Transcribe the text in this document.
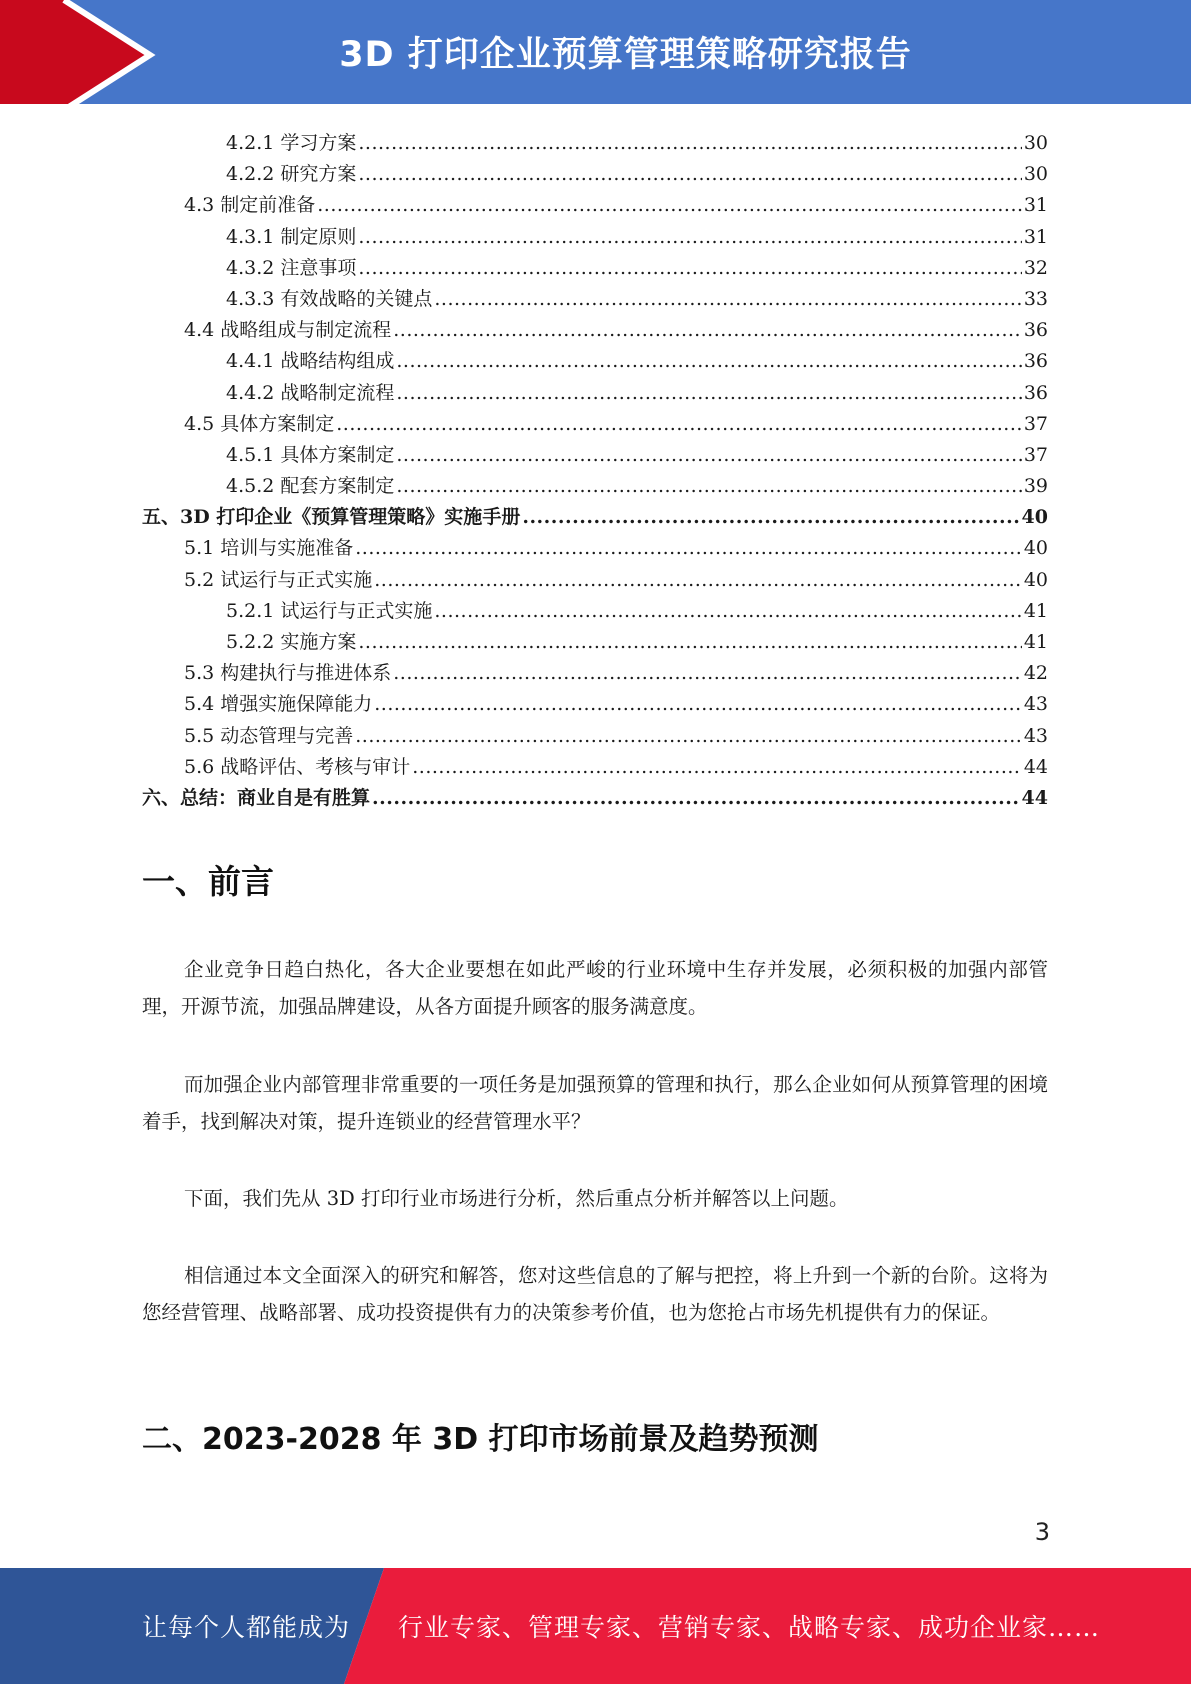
3D 打印企业预算管理策略研究报告
4.2.1 学习方案 .....	30
4.2.2 研究方案 .....	30
4.3 制定前准备 .....	31
4.3.1 制定原则 .....	31
4.3.2 注意事项 .....	32
4.3.3 有效战略的关键点 .....	33
4.4 战略组成与制定流程 .....	36
4.4.1 战略结构组成 .....	36
4.4.2 战略制定流程 .....	36
4.5 具体方案制定 .....	37
4.5.1 具体方案制定 .....	37
4.5.2 配套方案制定 .....	39
五、3D 打印企业《预算管理策略》实施手册 .....	40
5.1 培训与实施准备 .....	40
5.2 试运行与正式实施 .....	40
5.2.1 试运行与正式实施 .....	41
5.2.2 实施方案 .....	41
5.3 构建执行与推进体系 .....	42
5.4 增强实施保障能力 .....	43
5.5 动态管理与完善 .....	43
5.6 战略评估、考核与审计 .....	44
六、总结：商业自是有胜算 .....	44
一、前言

企业竞争日趋白热化，各大企业要想在如此严峻的行业环境中生存并发展，必须积极的加强内部管理，开源节流，加强品牌建设，从各方面提升顾客的服务满意度。

而加强企业内部管理非常重要的一项任务是加强预算的管理和执行，那么企业如何从预算管理的困境着手，找到解决对策，提升连锁业的经营管理水平？

下面，我们先从 3D 打印行业市场进行分析，然后重点分析并解答以上问题。

相信通过本文全面深入的研究和解答，您对这些信息的了解与把控，将上升到一个新的台阶。这将为您经营管理、战略部署、成功投资提供有力的决策参考价值，也为您抢占市场先机提供有力的保证。

二、2023-2028 年 3D 打印市场前景及趋势预测
3
让每个人都能成为 行业专家、管理专家、营销专家、战略专家、成功企业家……
